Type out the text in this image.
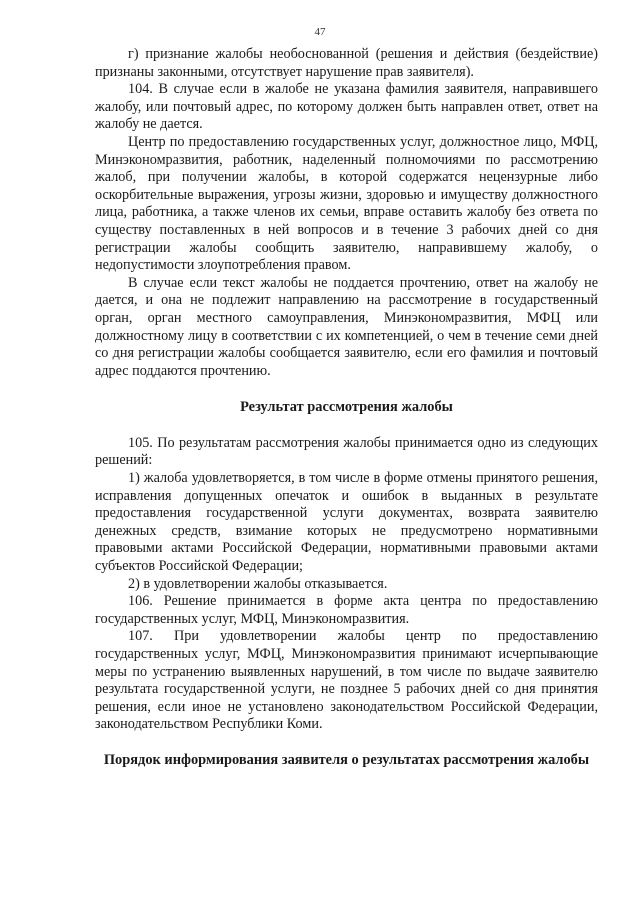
47

г) признание жалобы необоснованной (решения и действия (бездействие) признаны законными, отсутствует нарушение прав заявителя).

104. В случае если в жалобе не указана фамилия заявителя, направившего жалобу, или почтовый адрес, по которому должен быть направлен ответ, ответ на жалобу не дается.

Центр по предоставлению государственных услуг, должностное лицо, МФЦ, Минэкономразвития, работник, наделенный полномочиями по рассмотрению жалоб, при получении жалобы, в которой содержатся нецензурные либо оскорбительные выражения, угрозы жизни, здоровью и имуществу должностного лица, работника, а также членов их семьи, вправе оставить жалобу без ответа по существу поставленных в ней вопросов и в течение 3 рабочих дней со дня регистрации жалобы сообщить заявителю, направившему жалобу, о недопустимости злоупотребления правом.

В случае если текст жалобы не поддается прочтению, ответ на жалобу не дается, и она не подлежит направлению на рассмотрение в государственный орган, орган местного самоуправления, Минэкономразвития, МФЦ или должностному лицу в соответствии с их компетенцией, о чем в течение семи дней со дня регистрации жалобы сообщается заявителю, если его фамилия и почтовый адрес поддаются прочтению.

Результат рассмотрения жалобы

105. По результатам рассмотрения жалобы принимается одно из следующих решений:

1) жалоба удовлетворяется, в том числе в форме отмены принятого решения, исправления допущенных опечаток и ошибок в выданных в результате предоставления государственной услуги документах, возврата заявителю денежных средств, взимание которых не предусмотрено нормативными правовыми актами Российской Федерации, нормативными правовыми актами субъектов Российской Федерации;

2) в удовлетворении жалобы отказывается.

106. Решение принимается в форме акта центра по предоставлению государственных услуг, МФЦ, Минэкономразвития.

107. При удовлетворении жалобы центр по предоставлению государственных услуг, МФЦ, Минэкономразвития принимают исчерпывающие меры по устранению выявленных нарушений, в том числе по выдаче заявителю результата государственной услуги, не позднее 5 рабочих дней со дня принятия решения, если иное не установлено законодательством Российской Федерации, законодательством Республики Коми.

Порядок информирования заявителя о результатах рассмотрения жалобы
